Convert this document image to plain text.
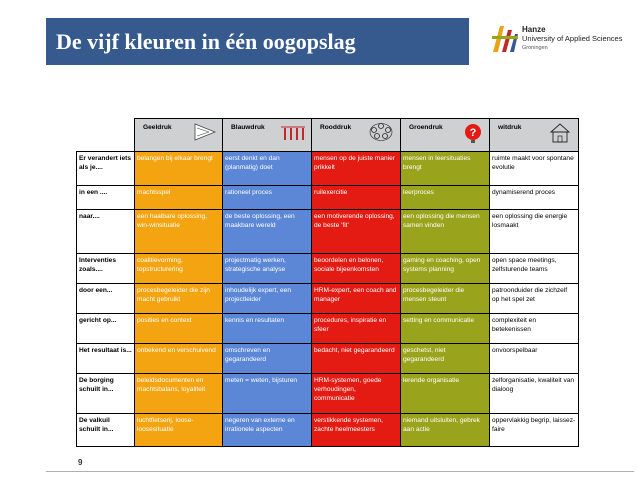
De vijf kleuren in één oogopslag	Hanze
University of Applied Sciences
Groningen

	Geeldruk	Blauwdruk	Rooddruk	Groendruk ?	witdruk

Er verandert iets als je....	belangen bij elkaar brengt	eerst denkt en dan (planmatig) doet	mensen op de juiste manier prikkelt	mensen in leersituaties brengt	ruimte maakt voor spontane evolutie
in een ....	machtsspel	rationeel proces	ruilexercitie	leerproces	dynamiserend proces
naar....	een haalbare oplossing, win-winsituatie	de beste oplossing, een maakbare wereld	een motiverende oplossing, de beste 'fit'	een oplossing die mensen samen vinden	een oplossing die energie losmaakt
Interventies zoals....	coalitievorming, topstructurering	projectmatig werken, strategische analyse	beoordelen en belonen, sociale bijeenkomsten	gaming en coaching, open systems planning	open space meetings, zelfsturende teams
door een...	procesbegeleider die zijn macht gebruikt	inhoudelijk expert, een projectleider	HRM-expert, een coach and manager	procesbegeleider die mensen steunt	patroonduider die zichzelf op het spel zet
gericht op...	posities en context	kennis en resultaten	procedures, inspiratie en sfeer	setting en communicatie	complexiteit en betekenissen
Het resultaat is...	onbekend en verschuivend	omschreven en gegarandeerd	bedacht, niet gegarandeerd	geschetst, niet gegarandeerd	onvoorspelbaar
De borging schuilt in...	beleidsdocumenten en machtsbalans, loyaliteit	meten = weten, bijsturen	HRM-systemen, goede verhoudingen, communicatie	lerende organisatie	zelforganisatie, kwaliteit van dialoog
De valkuil schuilt in...	luchtfietserij, loose-loosesituatie	negeren van externe en irrationele aspecten	verstikkende systemen, zachte heelmeesters	niemand uitsluiten, gebrek aan actie	oppervlakkig begrip, laissez-faire
9
